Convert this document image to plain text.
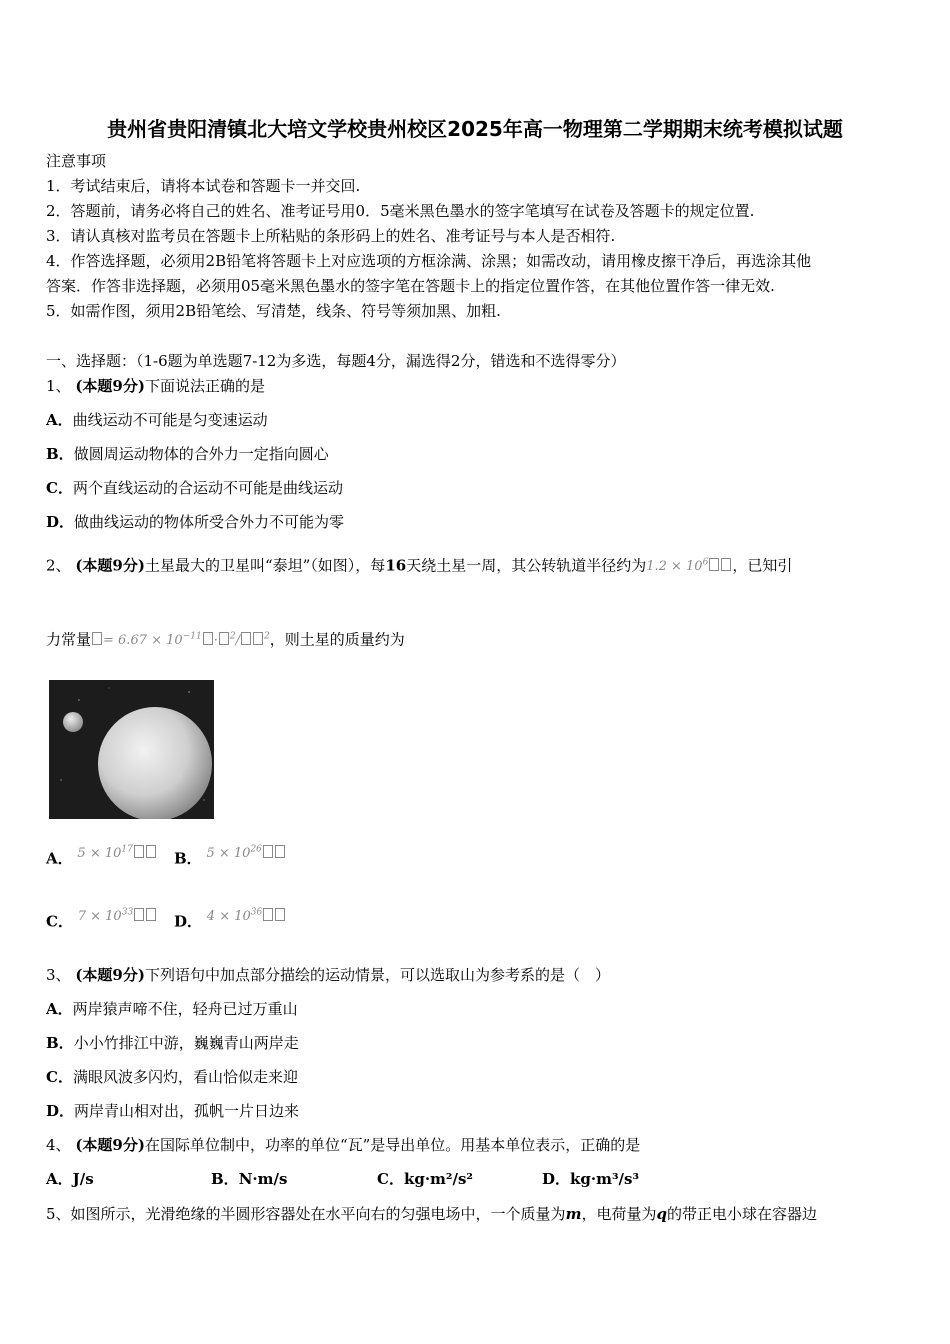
贵州省贵阳清镇北大培文学校贵州校区2025年高一物理第二学期期末统考模拟试题
注意事项
1．考试结束后，请将本试卷和答题卡一并交回.
2．答题前，请务必将自己的姓名、准考证号用0．5毫米黑色墨水的签字笔填写在试卷及答题卡的规定位置.
3．请认真核对监考员在答题卡上所粘贴的条形码上的姓名、准考证号与本人是否相符.
4．作答选择题，必须用2B铅笔将答题卡上对应选项的方框涂满、涂黑；如需改动，请用橡皮擦干净后，再选涂其他
答案．作答非选择题，必须用05毫米黑色墨水的签字笔在答题卡上的指定位置作答，在其他位置作答一律无效.
5．如需作图，须用2B铅笔绘、写清楚，线条、符号等须加黑、加粗.
一、选择题：（1-6题为单选题7-12为多选，每题4分，漏选得2分，错选和不选得零分）
1、 (本题9分)下面说法正确的是
A．曲线运动不可能是匀变速运动
B．做圆周运动物体的合外力一定指向圆心
C．两个直线运动的合运动不可能是曲线运动
D．做曲线运动的物体所受合外力不可能为零
2、 (本题9分)土星最大的卫星叫“泰坦”（如图），每16天绕土星一周，其公转轨道半径约为$1.2 \times 10^6$ ，已知引
力常量 = $6.67 \times 10^{-11} \cdot ^2/$	$^2$，则土星的质量约为
A． $5 \times 10^{17}$	B． $5 \times 10^{26}$
C． $7 \times 10^{33}$	D． $4 \times 10^{36}$
3、 (本题9分)下列语句中加点部分描绘的运动情景，可以选取山为参考系的是（　）
A．两岸猿声啼不住，轻舟已过万重山
B．小小竹排江中游，巍巍青山两岸走
C．满眼风波多闪灼，看山恰似走来迎
D．两岸青山相对出，孤帆一片日边来
4、 (本题9分)在国际单位制中，功率的单位“瓦”是导出单位。用基本单位表示，正确的是
A．J/s	B．N·m/s	C．kg·m²/s²	D．kg·m³/s³
5、如图所示，光滑绝缘的半圆形容器处在水平向右的匀强电场中，一个质量为m，电荷量为q的带正电小球在容器边
